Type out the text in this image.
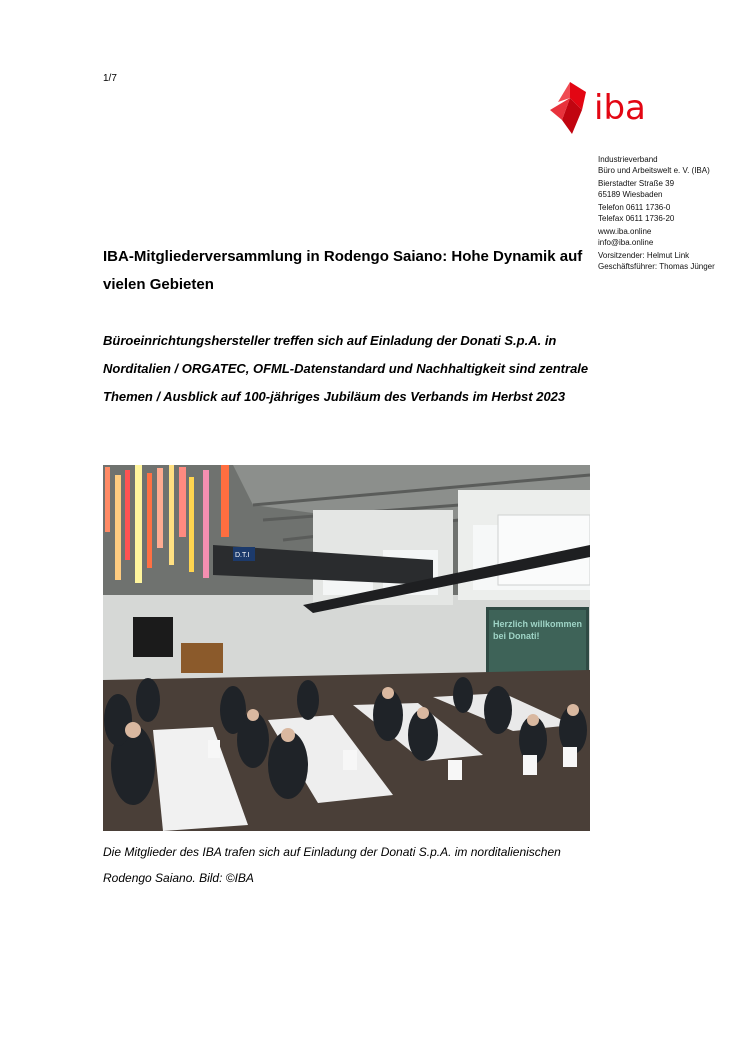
1/7
iba
Industrieverband
Büro und Arbeitswelt e. V. (IBA)
Bierstadter Straße 39
65189 Wiesbaden
Telefon 0611 1736-0
Telefax 0611 1736-20
www.iba.online
info@iba.online
Vorsitzender: Helmut Link
Geschäftsführer: Thomas Jünger
IBA-Mitgliederversammlung in Rodengo Saiano: Hohe Dynamik auf vielen Gebieten
Büroeinrichtungshersteller treffen sich auf Einladung der Donati S.p.A. in Norditalien / ORGATEC, OFML-Datenstandard und Nachhaltigkeit sind zentrale Themen / Ausblick auf 100-jähriges Jubiläum des Verbands im Herbst 2023
Herzlich willkommen
bei Donati!
D.T.I
Die Mitglieder des IBA trafen sich auf Einladung der Donati S.p.A. im norditalienischen Rodengo Saiano. Bild: ©IBA
